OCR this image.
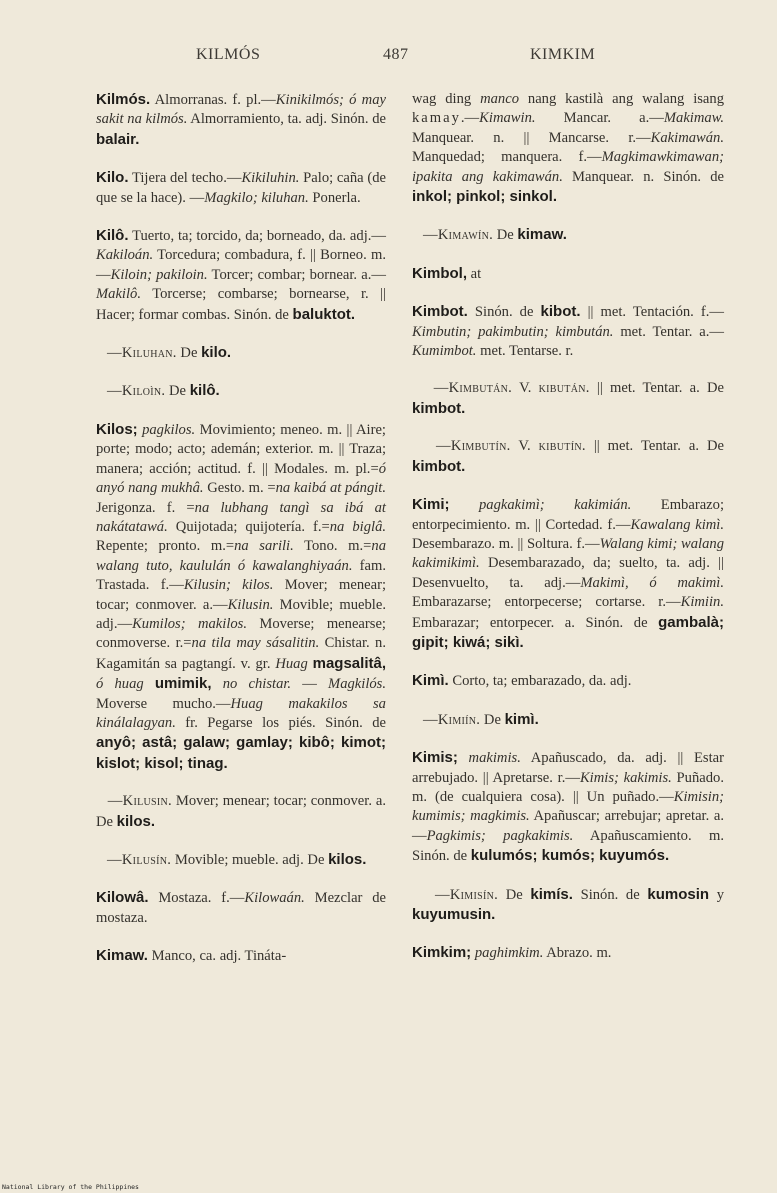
KILMÓS	487	KIMKIM

Kilmós. Almorranas. f. pl.—Kinikilmós; ó may sakit na kilmós. Almorramiento, ta. adj. Sinón. de balair.

Kilo. Tijera del techo.—Kikiluhin. Palo; caña (de que se la hace). —Magkilo; kiluhan. Ponerla.

Kilô. Tuerto, ta; torcido, da; borneado, da. adj.—Kakiloán. Torcedura; combadura, f. || Borneo. m.—Kiloin; pakiloin. Torcer; combar; bornear. a.—Makilô. Torcerse; combarse; bornearse, r. || Hacer; formar combas. Sinón. de baluktot.

—Kiluhan. De kilo.

—Kiloìn. De kilô.

Kilos; pagkilos. Movimiento; meneo. m. || Aire; porte; modo; acto; ademán; exterior. m. || Traza; manera; acción; actitud. f. || Modales. m. pl.=ó anyó nang mukhâ. Gesto. m. =na kaibá at pángit. Jerigonza. f. =na lubhang tangì sa ibá at nakátatawá. Quijotada; quijotería. f.=na biglâ. Repente; pronto. m.=na sarili. Tono. m.=na walang tuto, kaululán ó kawalanghiyaán. fam. Trastada. f.—Kilusin; kilos. Mover; menear; tocar; conmover. a.—Kilusin. Movible; mueble. adj.—Kumilos; makilos. Moverse; menearse; conmoverse. r.=na tila may sásalitin. Chistar. n. Kagamitán sa pagtangí. v. gr. Huag magsalitâ, ó huag umimik, no chistar. — Magkilós. Moverse mucho.—Huag makakilos sa kinálalagyan. fr. Pegarse los piés. Sinón. de anyô; astâ; galaw; gamlay; kibô; kimot; kislot; kisol; tinag.

—Kilusin. Mover; menear; tocar; conmover. a. De kilos.

—Kilusín. Movible; mueble. adj. De kilos.

Kilowâ. Mostaza. f.—Kilowaán. Mezclar de mostaza.

Kimaw. Manco, ca. adj. Tináta-

wag ding manco nang kastilà ang walang isang kamay.—Kimawin. Mancar. a.—Makimaw. Manquear. n. || Mancarse. r.—Kakimawán. Manquedad; manquera. f.—Magkimawkimawan; ipakita ang kakimawán. Manquear. n. Sinón. de inkol; pinkol; sinkol.

—Kimawín. De kimaw.

Kimbol, at

Kimbot. Sinón. de kibot. || met. Tentación. f.—Kimbutin; pakimbutin; kimbután. met. Tentar. a.—Kumimbot. met. Tentarse. r.

—Kimbután. V. kibután. || met. Tentar. a. De kimbot.

—Kimbutín. V. kibutín. || met. Tentar. a. De kimbot.

Kimi; pagkakimì; kakimián. Embarazo; entorpecimiento. m. || Cortedad. f.—Kawalang kimì. Desembarazo. m. || Soltura. f.—Walang kimi; walang kakimikimì. Desembarazado, da; suelto, ta. adj. || Desenvuelto, ta. adj.—Makimì, ó makimì. Embarazarse; entorpecerse; cortarse. r.—Kimiin. Embarazar; entorpecer. a. Sinón. de gambalà; gipit; kiwá; sikì.

Kimì. Corto, ta; embarazado, da. adj.

—Kimiín. De kimì.

Kimis; makimis. Apañuscado, da. adj. || Estar arrebujado. || Apretarse. r.—Kimis; kakimis. Puñado. m. (de cualquiera cosa). || Un puñado.—Kimisin; kumimis; magkimis. Apañuscar; arrebujar; apretar. a.—Pagkimis; pagkakimis. Apañuscamiento. m. Sinón. de kulumós; kumós; kuyumós.

—Kimisín. De kimís. Sinón. de kumosin y kuyumusin.

Kimkim; paghimkim. Abrazo. m.

National Library of the Philippines
